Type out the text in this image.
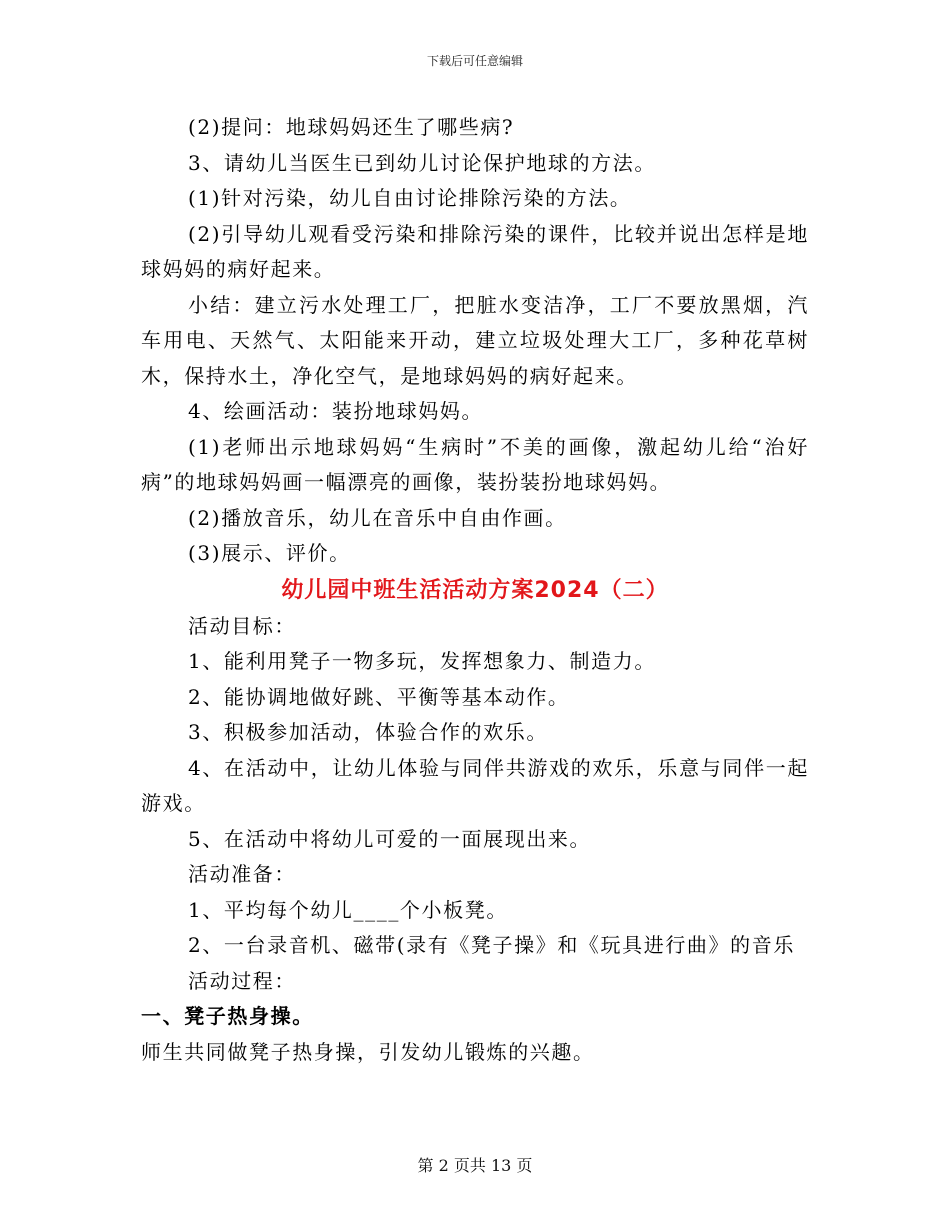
下载后可任意编辑

(2)提问：地球妈妈还生了哪些病?

3、请幼儿当医生已到幼儿讨论保护地球的方法。

(1)针对污染，幼儿自由讨论排除污染的方法。

(2)引导幼儿观看受污染和排除污染的课件，比较并说出怎样是地球妈妈的病好起来。

小结：建立污水处理工厂，把脏水变洁净，工厂不要放黑烟，汽车用电、天然气、太阳能来开动，建立垃圾处理大工厂，多种花草树木，保持水土，净化空气，是地球妈妈的病好起来。

4、绘画活动：装扮地球妈妈。

(1)老师出示地球妈妈“生病时”不美的画像，激起幼儿给“治好病”的地球妈妈画一幅漂亮的画像，装扮装扮地球妈妈。

(2)播放音乐，幼儿在音乐中自由作画。

(3)展示、评价。

幼儿园中班生活活动方案2024（二）

活动目标：

1、能利用凳子一物多玩，发挥想象力、制造力。

2、能协调地做好跳、平衡等基本动作。

3、积极参加活动，体验合作的欢乐。

4、在活动中，让幼儿体验与同伴共游戏的欢乐，乐意与同伴一起游戏。

5、在活动中将幼儿可爱的一面展现出来。

活动准备：

1、平均每个幼儿____个小板凳。

2、一台录音机、磁带(录有《凳子操》和《玩具进行曲》的音乐

活动过程：

一、凳子热身操。

师生共同做凳子热身操，引发幼儿锻炼的兴趣。

第 2 页共 13 页
